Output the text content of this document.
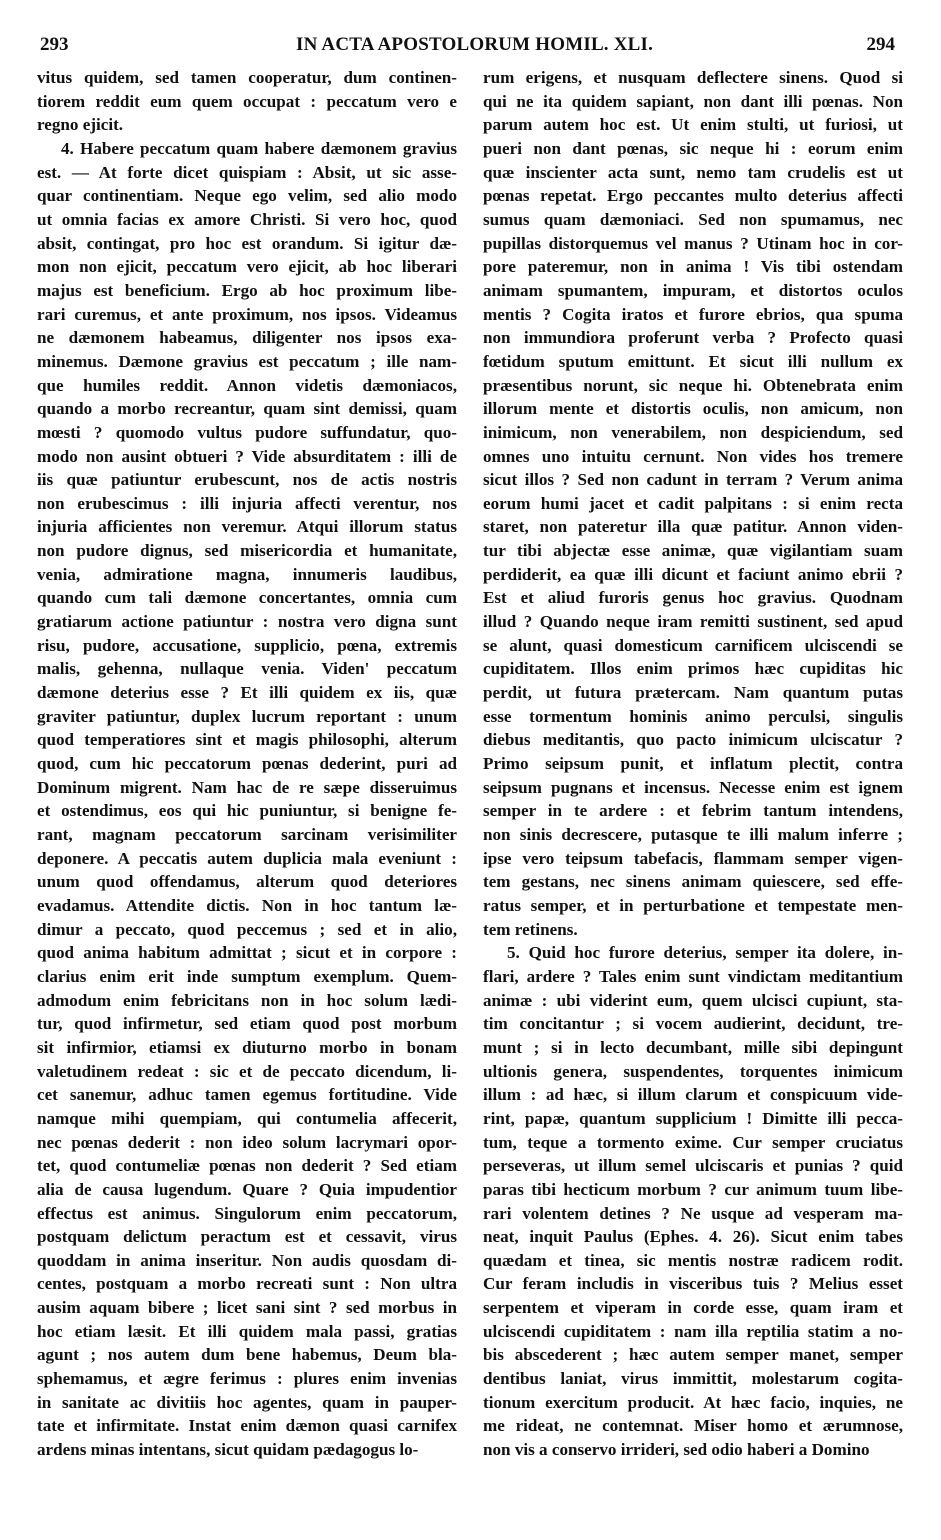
293	IN ACTA APOSTOLORUM HOMIL. XLI.	294
vitus quidem, sed tamen cooperatur, dum continen-
tiorem reddit eum quem occupat : peccatum vero e
regno ejicit.
4. Habere peccatum quam habere dæmonem gravius
est. — At forte dicet quispiam : Absit, ut sic asse-
quar continentiam. Neque ego velim, sed alio modo
ut omnia facias ex amore Christi. Si vero hoc, quod
absit, contingat, pro hoc est orandum. Si igitur dæ-
mon non ejicit, peccatum vero ejicit, ab hoc liberari
majus est beneficium. Ergo ab hoc proximum libe-
rari curemus, et ante proximum, nos ipsos. Videamus
ne dæmonem habeamus, diligenter nos ipsos exa-
minemus. Dæmone gravius est peccatum ; ille nam-
que humiles reddit. Annon videtis dæmoniacos,
quando a morbo recreantur, quam sint demissi, quam
mœsti ? quomodo vultus pudore suffundatur, quo-
modo non ausint obtueri ? Vide absurditatem : illi de
iis quæ patiuntur erubescunt, nos de actis nostris
non erubescimus : illi injuria affecti verentur, nos
injuria afficientes non veremur. Atqui illorum status
non pudore dignus, sed misericordia et humanitate,
venia, admiratione magna, innumeris laudibus,
quando cum tali dæmone concertantes, omnia cum
gratiarum actione patiuntur : nostra vero digna sunt
risu, pudore, accusatione, supplicio, pœna, extremis
malis, gehenna, nullaque venia. Viden' peccatum
dæmone deterius esse ? Et illi quidem ex iis, quæ
graviter patiuntur, duplex lucrum reportant : unum
quod temperatiores sint et magis philosophi, alterum
quod, cum hic peccatorum pœnas dederint, puri ad
Dominum migrent. Nam hac de re sæpe disseruimus
et ostendimus, eos qui hic puniuntur, si benigne fe-
rant, magnam peccatorum sarcinam verisimiliter
deponere. A peccatis autem duplicia mala eveniunt :
unum quod offendamus, alterum quod deteriores
evadamus. Attendite dictis. Non in hoc tantum læ-
dimur a peccato, quod peccemus ; sed et in alio,
quod anima habitum admittat ; sicut et in corpore :
clarius enim erit inde sumptum exemplum. Quem-
admodum enim febricitans non in hoc solum lædi-
tur, quod infirmetur, sed etiam quod post morbum
sit infirmior, etiamsi ex diuturno morbo in bonam
valetudinem redeat : sic et de peccato dicendum, li-
cet sanemur, adhuc tamen egemus fortitudine. Vide
namque mihi quempiam, qui contumelia affecerit,
nec pœnas dederit : non ideo solum lacrymari opor-
tet, quod contumeliæ pœnas non dederit ? Sed etiam
alia de causa lugendum. Quare ? Quia impudentior
effectus est animus. Singulorum enim peccatorum,
postquam delictum peractum est et cessavit, virus
quoddam in anima inseritur. Non audis quosdam di-
centes, postquam a morbo recreati sunt : Non ultra
ausim aquam bibere ; licet sani sint ? sed morbus in
hoc etiam læsit. Et illi quidem mala passi, gratias
agunt ; nos autem dum bene habemus, Deum bla-
sphemamus, et ægre ferimus : plures enim invenias
in sanitate ac divitiis hoc agentes, quam in pauper-
tate et infirmitate. Instat enim dæmon quasi carnifex
ardens minas intentans, sicut quidam pædagogus lo-
rum erigens, et nusquam deflectere sinens. Quod si
qui ne ita quidem sapiant, non dant illi pœnas. Non
parum autem hoc est. Ut enim stulti, ut furiosi, ut
pueri non dant pœnas, sic neque hi : eorum enim
quæ inscienter acta sunt, nemo tam crudelis est ut
pœnas repetat. Ergo peccantes multo deterius affecti
sumus quam dæmoniaci. Sed non spumamus, nec
pupillas distorquemus vel manus ? Utinam hoc in cor-
pore pateremur, non in anima ! Vis tibi ostendam
animam spumantem, impuram, et distortos oculos
mentis ? Cogita iratos et furore ebrios, qua spuma
non immundiora proferunt verba ? Profecto quasi
fœtidum sputum emittunt. Et sicut illi nullum ex
præsentibus norunt, sic neque hi. Obtenebrata enim
illorum mente et distortis oculis, non amicum, non
inimicum, non venerabilem, non despiciendum, sed
omnes uno intuitu cernunt. Non vides hos tremere
sicut illos ? Sed non cadunt in terram ? Verum anima
eorum humi jacet et cadit palpitans : si enim recta
staret, non pateretur illa quæ patitur. Annon viden-
tur tibi abjectæ esse animæ, quæ vigilantiam suam
perdiderit, ea quæ illi dicunt et faciunt animo ebrii ?
Est et aliud furoris genus hoc gravius. Quodnam
illud ? Quando neque iram remitti sustinent, sed apud
se alunt, quasi domesticum carnificem ulciscendi se
cupiditatem. Illos enim primos hæc cupiditas hic
perdit, ut futura prætercam. Nam quantum putas
esse tormentum hominis animo perculsi, singulis
diebus meditantis, quo pacto inimicum ulciscatur ?
Primo seipsum punit, et inflatum plectit, contra
seipsum pugnans et incensus. Necesse enim est ignem
semper in te ardere : et febrim tantum intendens,
non sinis decrescere, putasque te illi malum inferre ;
ipse vero teipsum tabefacis, flammam semper vigen-
tem gestans, nec sinens animam quiescere, sed effe-
ratus semper, et in perturbatione et tempestate men-
tem retinens.
5. Quid hoc furore deterius, semper ita dolere, in-
flari, ardere ? Tales enim sunt vindictam meditantium
animæ : ubi viderint eum, quem ulcisci cupiunt, sta-
tim concitantur ; si vocem audierint, decidunt, tre-
munt ; si in lecto decumbant, mille sibi depingunt
ultionis genera, suspendentes, torquentes inimicum
illum : ad hæc, si illum clarum et conspicuum vide-
rint, papæ, quantum supplicium ! Dimitte illi pecca-
tum, teque a tormento exime. Cur semper cruciatus
perseveras, ut illum semel ulciscaris et punias ? quid
paras tibi hecticum morbum ? cur animum tuum libe-
rari volentem detines ? Ne usque ad vesperam ma-
neat, inquit Paulus (Ephes. 4. 26). Sicut enim tabes
quædam et tinea, sic mentis nostræ radicem rodit.
Cur feram includis in visceribus tuis ? Melius esset
serpentem et viperam in corde esse, quam iram et
ulciscendi cupiditatem : nam illa reptilia statim a no-
bis abscederent ; hæc autem semper manet, semper
dentibus laniat, virus immittit, molestarum cogita-
tionum exercitum producit. At hæc facio, inquies, ne
me rideat, ne contemnat. Miser homo et ærumnose,
non vis a conservo irrideri, sed odio haberi a Domino
